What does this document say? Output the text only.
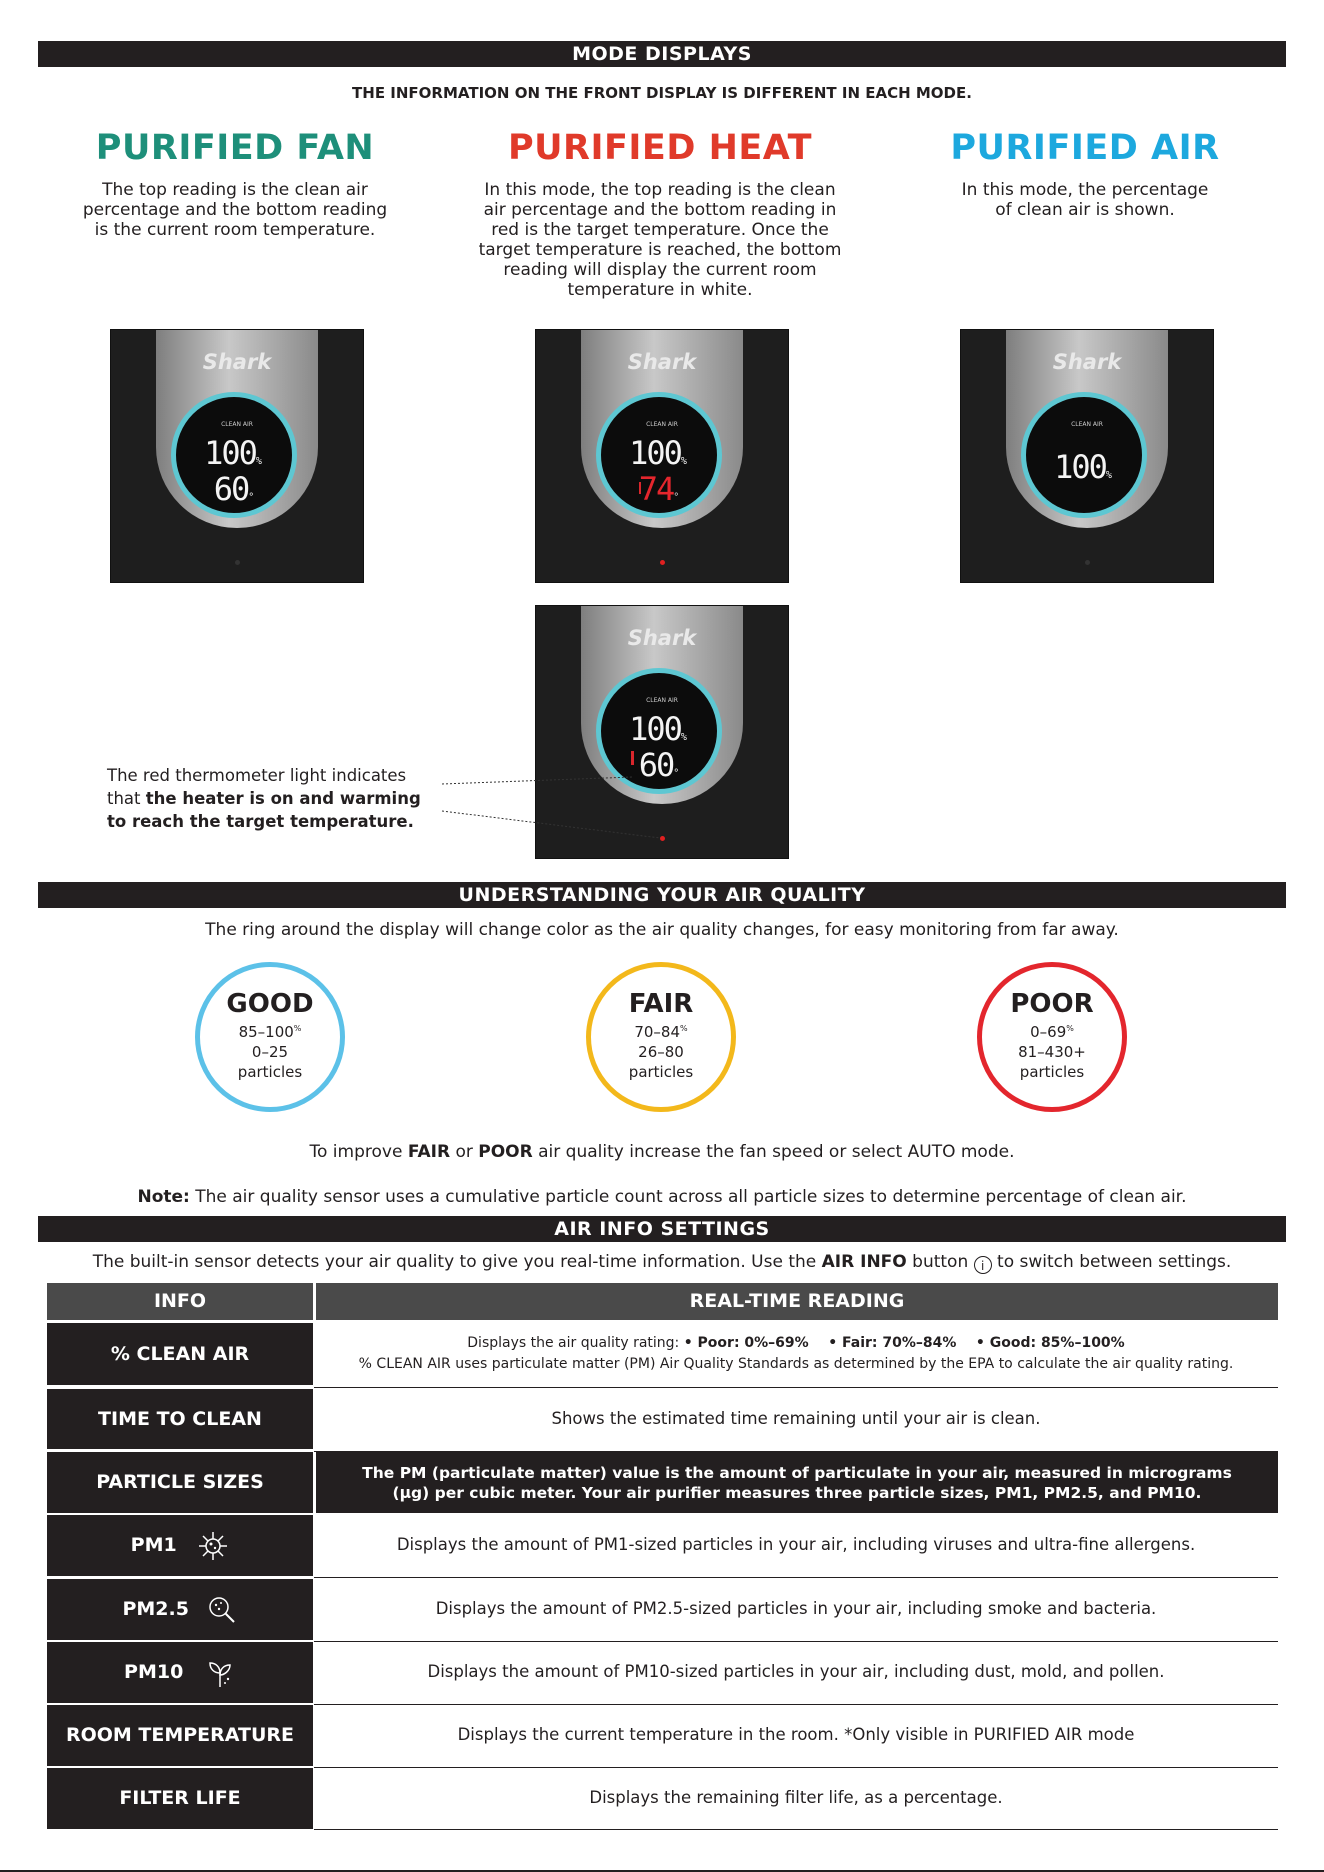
MODE DISPLAYS
THE INFORMATION ON THE FRONT DISPLAY IS DIFFERENT IN EACH MODE.
PURIFIED FAN	PURIFIED HEAT	PURIFIED AIR
The top reading is the clean air
percentage and the bottom reading
is the current room temperature.
In this mode, the top reading is the clean
air percentage and the bottom reading in
red is the target temperature. Once the
target temperature is reached, the bottom
reading will display the current room
temperature in white.
In this mode, the percentage
of clean air is shown.
Shark
CLEAN AIR
100%
60°
Shark
CLEAN AIR
100%
74°
Shark
CLEAN AIR
100%
Shark
CLEAN AIR
100%
60°
The red thermometer light indicates
that the heater is on and warming
to reach the target temperature.
UNDERSTANDING YOUR AIR QUALITY
The ring around the display will change color as the air quality changes, for easy monitoring from far away.
GOOD
85–100%
0–25
particles
FAIR
70–84%
26–80
particles
POOR
0–69%
81–430+
particles
To improve FAIR or POOR air quality increase the fan speed or select AUTO mode.
Note: The air quality sensor uses a cumulative particle count across all particle sizes to determine percentage of clean air.
AIR INFO SETTINGS
The built-in sensor detects your air quality to give you real-time information. Use the AIR INFO button i to switch between settings.
INFO	REAL-TIME READING
% CLEAN AIR	Displays the air quality rating: • Poor: 0%–69%    • Fair: 70%–84%    • Good: 85%–100%
% CLEAN AIR uses particulate matter (PM) Air Quality Standards as determined by the EPA to calculate the air quality rating.
TIME TO CLEAN	Shows the estimated time remaining until your air is clean.
PARTICLE SIZES	The PM (particulate matter) value is the amount of particulate in your air, measured in micrograms
(μg) per cubic meter. Your air purifier measures three particle sizes, PM1, PM2.5, and PM10.
PM1	Displays the amount of PM1-sized particles in your air, including viruses and ultra-fine allergens.
PM2.5	Displays the amount of PM2.5-sized particles in your air, including smoke and bacteria.
PM10	Displays the amount of PM10-sized particles in your air, including dust, mold, and pollen.
ROOM TEMPERATURE	Displays the current temperature in the room. *Only visible in PURIFIED AIR mode
FILTER LIFE	Displays the remaining filter life, as a percentage.
